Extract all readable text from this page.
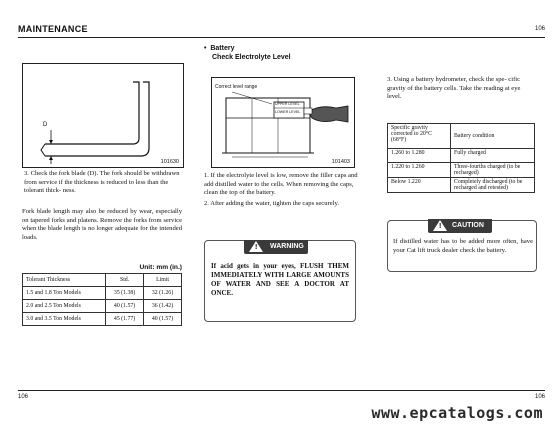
MAINTENANCE	106
D
101630
3. Check the fork blade (D). The fork should be withdrawn from service if the thickness is reduced to less than the tolerant thick- ness.
Fork blade length may also be reduced by wear, especially on tapered forks and platens. Remove the forks from service when the blade length is no longer adequate for the intended loads.
Unit: mm (in.)
Tolerant Thickness	Std.	Limit
1.5 and 1.8 Ton Models	35 (1.38)	32 (1.26)
2.0 and 2.5 Ton Models	40 (1.57)	36 (1.42)
3.0 and 3.5 Ton Models	45 (1.77)	40 (1.57)
• Battery
Check Electrolyte Level
Correct level range
UPPER LEVEL
LOWER LEVEL
101403
1. If the electrolyte level is low, remove the filler caps and add distilled water to the cells. When removing the caps, clean the top of the battery.
2. After adding the water, tighten the caps securely.
! WARNING
If acid gets in your eyes, FLUSH THEM IMMEDIATELY WITH LARGE AMOUNTS OF WATER AND SEE A DOCTOR AT ONCE.
3. Using a battery hydrometer, check the spe- cific gravity of the battery cells. Take the reading at eye level.
Specific gravity corrected to 20°C (68°F)	Battery condition
1.260 to 1.280	Fully charged
1.220 to 1.260	Three-fourths charged (to be recharged)
Below 1.220	Completely discharged (to be recharged and retested)
! CAUTION
If distilled water has to be added more often, have your Cat lift truck dealer check the battery.
106	106
www.epcatalogs.com
